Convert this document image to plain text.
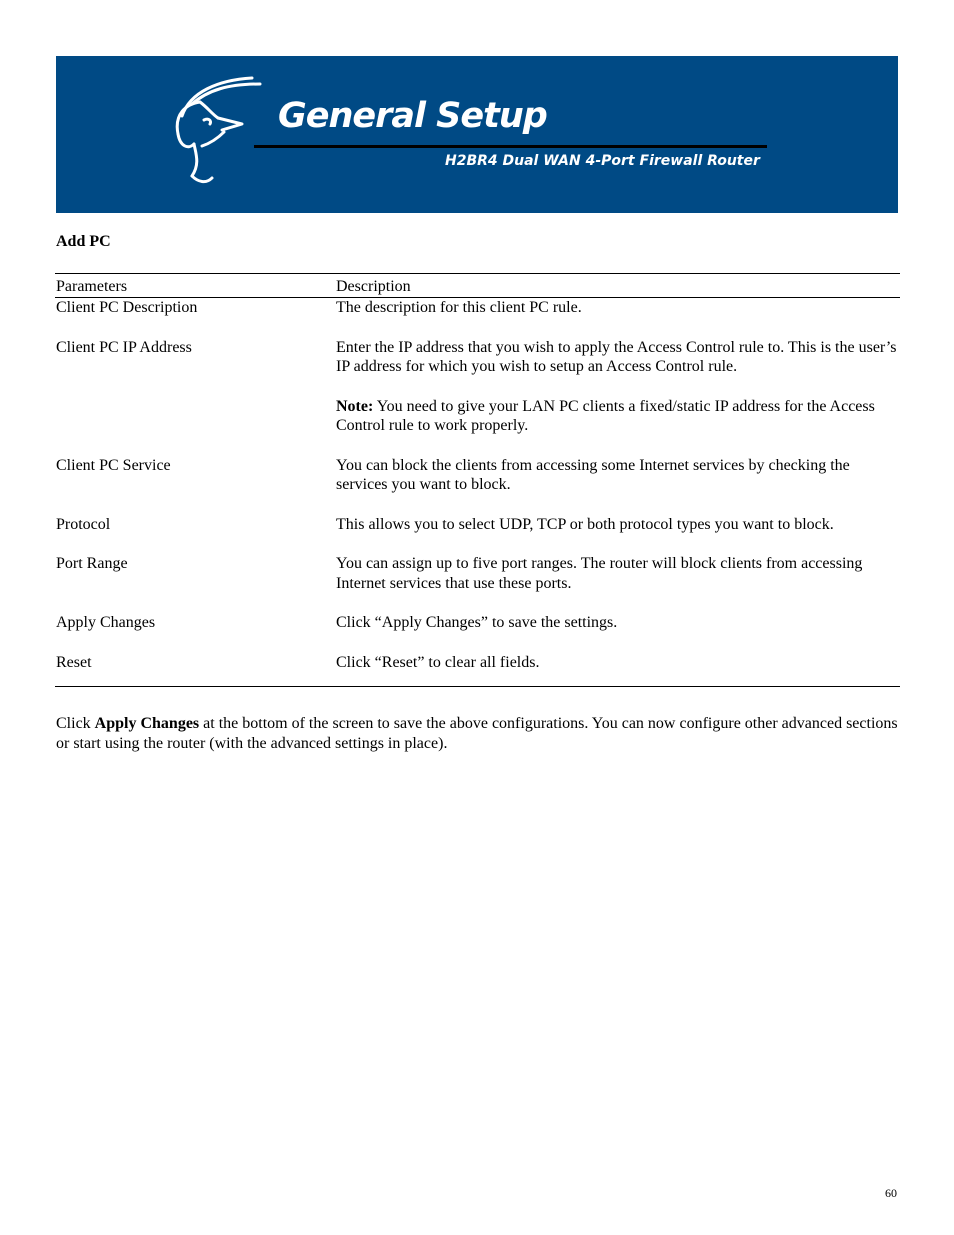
General Setup
H2BR4 Dual WAN 4-Port Firewall Router
Add PC
Parameters	Description
Client PC Description	The description for this client PC rule.

Client PC IP Address	Enter the IP address that you wish to apply the Access Control rule to. This is the user’s IP address for which you wish to setup an Access Control rule.

Note: You need to give your LAN PC clients a fixed/static IP address for the Access Control rule to work properly.

Client PC Service	You can block the clients from accessing some Internet services by checking the services you want to block.

Protocol	This allows you to select UDP, TCP or both protocol types you want to block.

Port Range	You can assign up to five port ranges. The router will block clients from accessing Internet services that use these ports.

Apply Changes	Click “Apply Changes” to save the settings.

Reset	Click “Reset” to clear all fields.

Click Apply Changes at the bottom of the screen to save the above configurations. You can now configure other advanced sections or start using the router (with the advanced settings in place).
60
